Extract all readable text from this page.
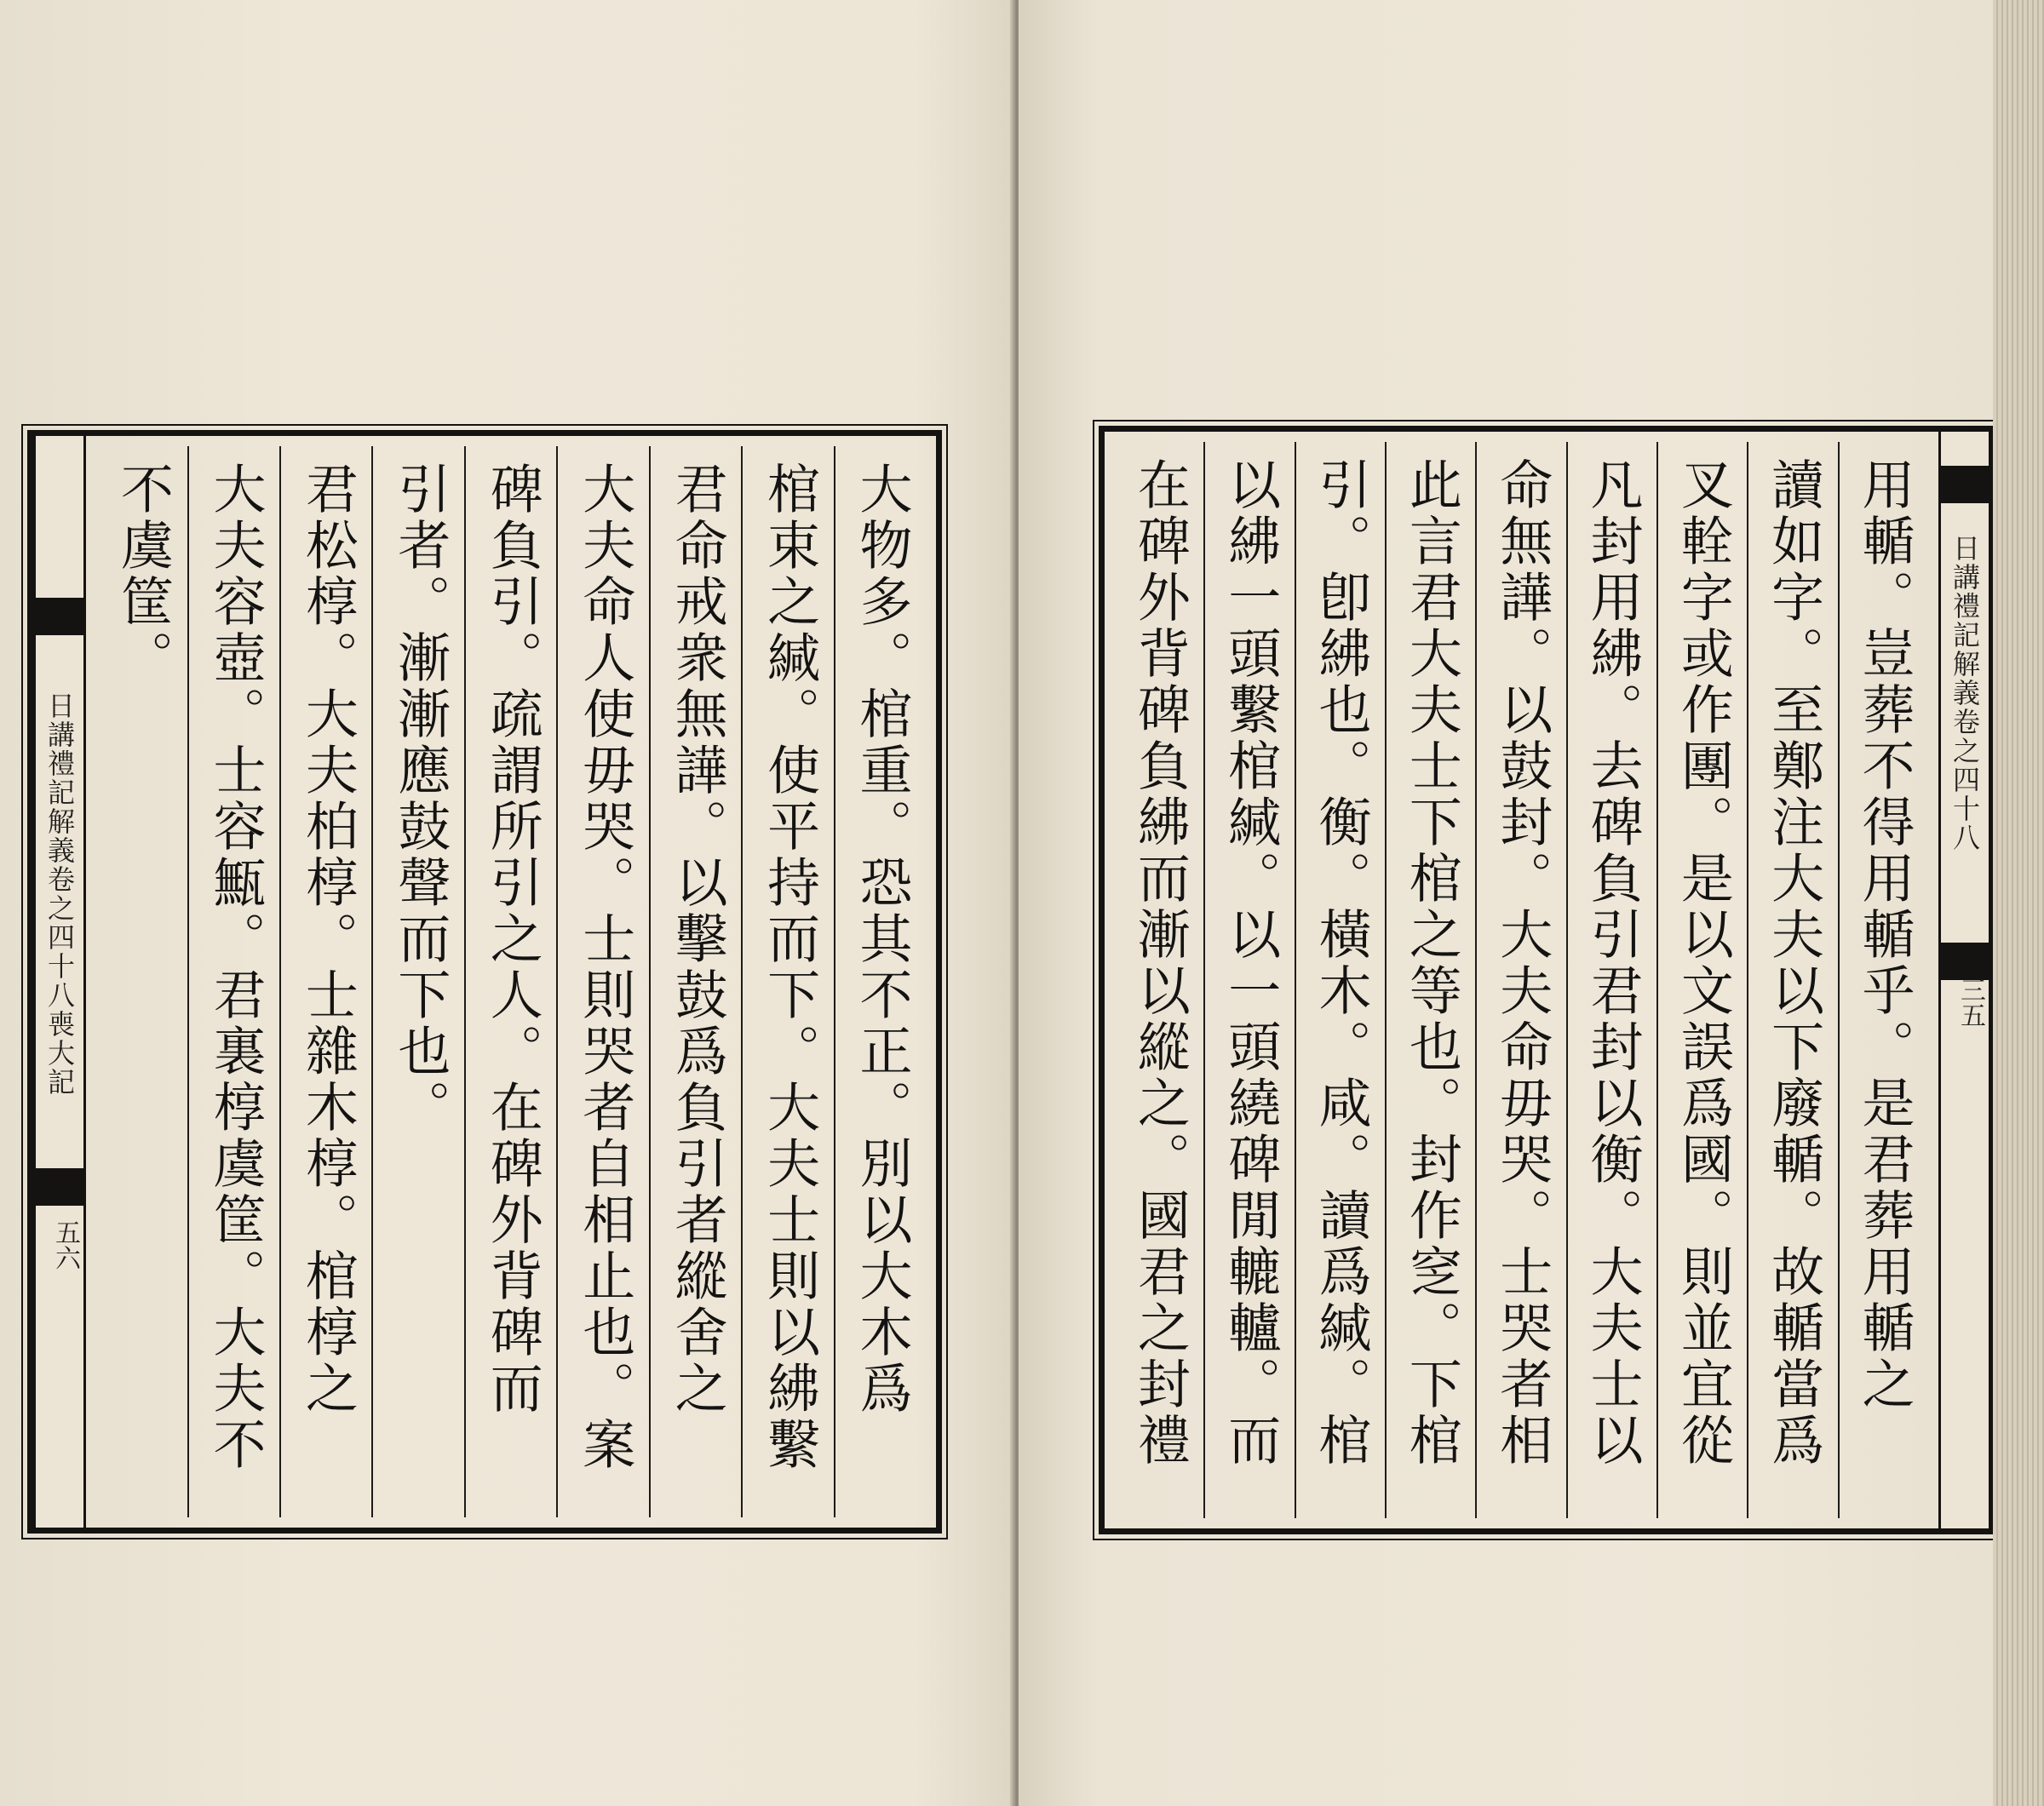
日講禮記解義卷之四十八喪大記
五六
大物多。棺重。恐其不正。別以大木爲
棺束之緘。使平持而下。大夫士則以紼繫
君命戒衆無譁。以擊鼓爲負引者縱舍之
大夫命人使毋哭。士則哭者自相止也。案
碑負引。疏謂所引之人。在碑外背碑而
引者。漸漸應鼓聲而下也。
君松椁。大夫柏椁。士雜木椁。棺椁之
大夫容壺。士容甒。君裏椁虞筐。大夫不
不虞筐。	日講禮記解義卷之四十八
三五
用輴。豈葬不得用輴乎。是君葬用輴之
讀如字。至鄭注大夫以下廢輴。故輴當爲
叉輇字或作團。是以文誤爲國。則並宜從
凡封用紼。去碑負引君封以衡。大夫士以
命無譁。以鼓封。大夫命毋哭。士哭者相
此言君大夫士下棺之等也。封作窆。下棺
引。卽紼也。衡。橫木。咸。讀爲緘。棺
以紼一頭繫棺緘。以一頭繞碑閒轆轤。而
在碑外背碑負紼而漸以縱之。國君之封禮
